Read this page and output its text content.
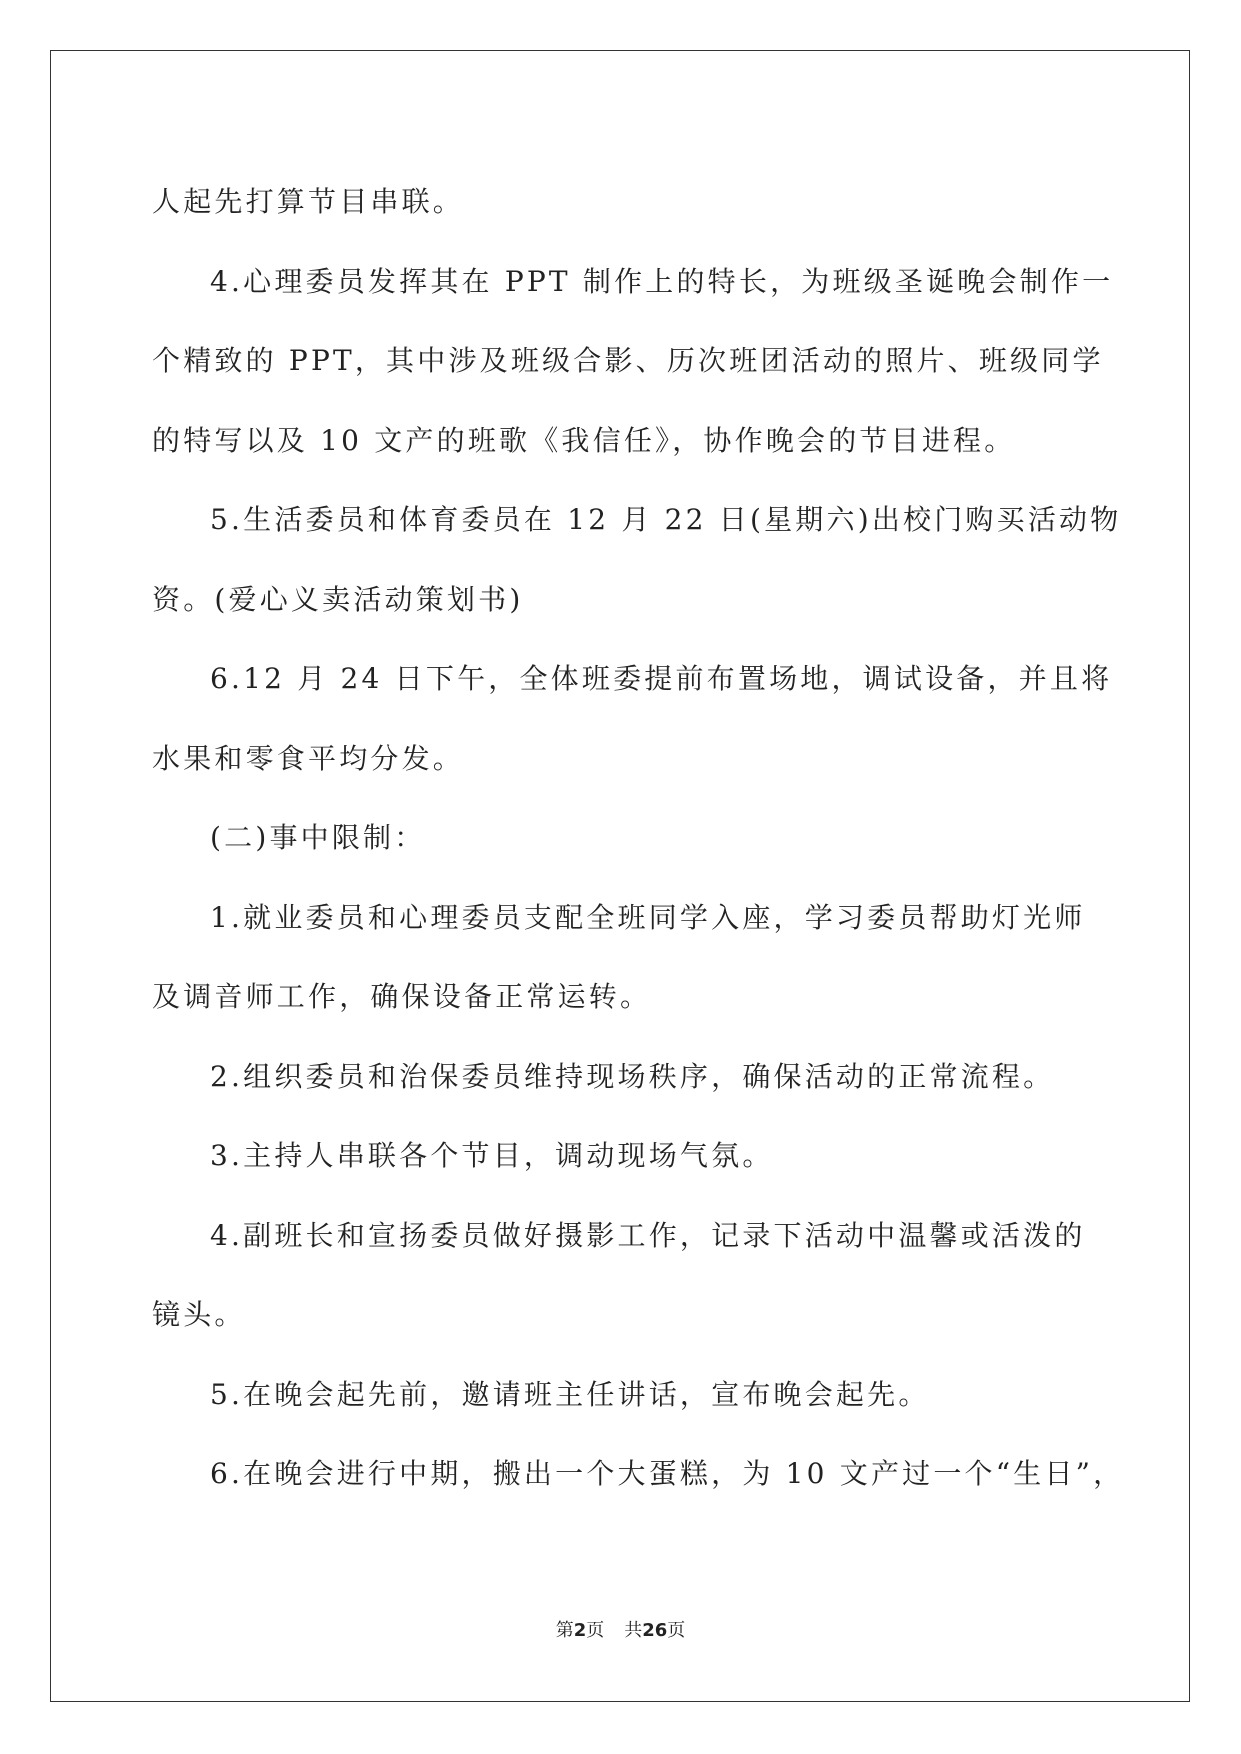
人起先打算节目串联。

4.心理委员发挥其在 PPT 制作上的特长，为班级圣诞晚会制作一

个精致的 PPT，其中涉及班级合影、历次班团活动的照片、班级同学

的特写以及 10 文产的班歌《我信任》，协作晚会的节目进程。

5.生活委员和体育委员在 12 月 22 日(星期六)出校门购买活动物

资。(爱心义卖活动策划书)

6.12 月 24 日下午，全体班委提前布置场地，调试设备，并且将

水果和零食平均分发。

(二)事中限制：

1.就业委员和心理委员支配全班同学入座，学习委员帮助灯光师

及调音师工作，确保设备正常运转。

2.组织委员和治保委员维持现场秩序，确保活动的正常流程。

3.主持人串联各个节目，调动现场气氛。

4.副班长和宣扬委员做好摄影工作，记录下活动中温馨或活泼的

镜头。

5.在晚会起先前，邀请班主任讲话，宣布晚会起先。

6.在晚会进行中期，搬出一个大蛋糕，为 10 文产过一个“生日”，

第2页 共26页
